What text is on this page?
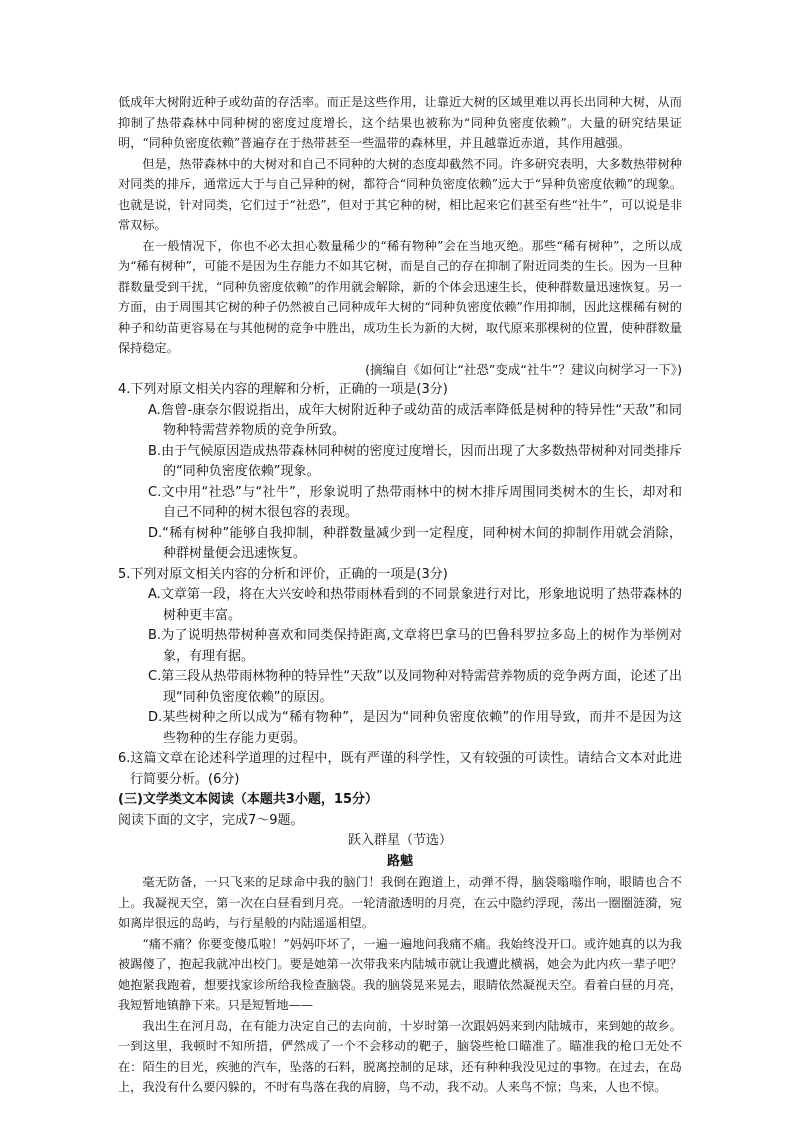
低成年大树附近种子或幼苗的存活率。而正是这些作用，让靠近大树的区域里难以再长出同种大树，从而抑制了热带森林中同种树的密度过度增长，这个结果也被称为“同种负密度依赖”。大量的研究结果证明，“同种负密度依赖”普遍存在于热带甚至一些温带的森林里，并且越靠近赤道，其作用越强。

但是，热带森林中的大树对和自己不同种的大树的态度却截然不同。许多研究表明，大多数热带树种对同类的排斥，通常远大于与自己异种的树，都符合“同种负密度依赖”远大于“异种负密度依赖”的现象。也就是说，针对同类，它们过于“社恐”，但对于其它种的树，相比起来它们甚至有些“社牛”，可以说是非常双标。

在一般情况下，你也不必太担心数量稀少的“稀有物种”会在当地灭绝。那些“稀有树种”，之所以成为“稀有树种”，可能不是因为生存能力不如其它树，而是自己的存在抑制了附近同类的生长。因为一旦种群数量受到干扰，“同种负密度依赖”的作用就会解除，新的个体会迅速生长，使种群数量迅速恢复。另一方面，由于周围其它树的种子仍然被自己同种成年大树的“同种负密度依赖”作用抑制，因此这棵稀有树的种子和幼苗更容易在与其他树的竞争中胜出，成功生长为新的大树，取代原来那棵树的位置，使种群数量保持稳定。

(摘编自《如何让“社恐”变成“社牛”？建议向树学习一下》)

4.下列对原文相关内容的理解和分析，正确的一项是(3分)

A.詹曾-康奈尔假说指出，成年大树附近种子或幼苗的成活率降低是树种的特异性“天敌”和同物种特需营养物质的竞争所致。

B.由于气候原因造成热带森林同种树的密度过度增长，因而出现了大多数热带树种对同类排斥的“同种负密度依赖”现象。

C.文中用“社恐”与“社牛”，形象说明了热带雨林中的树木排斥周围同类树木的生长，却对和自己不同种的树木很包容的表现。

D.“稀有树种”能够自我抑制，种群数量减少到一定程度，同种树木间的抑制作用就会消除，种群树量便会迅速恢复。

5.下列对原文相关内容的分析和评价，正确的一项是(3分)

A.文章第一段，将在大兴安岭和热带雨林看到的不同景象进行对比，形象地说明了热带森林的树种更丰富。

B.为了说明热带树种喜欢和同类保持距离,文章将巴拿马的巴鲁科罗拉多岛上的树作为举例对象，有理有据。

C.第三段从热带雨林物种的特异性“天敌”以及同物种对特需营养物质的竞争两方面，论述了出现“同种负密度依赖”的原因。

D.某些树种之所以成为“稀有物种”，是因为“同种负密度依赖”的作用导致，而并不是因为这些物种的生存能力更弱。

6.这篇文章在论述科学道理的过程中，既有严谨的科学性，又有较强的可读性。请结合文本对此进行简要分析。(6分)

(三)文学类文本阅读（本题共3小题，15分）

阅读下面的文字，完成7～9题。

跃入群星（节选）

路魆

毫无防备，一只飞来的足球命中我的脑门！我倒在跑道上，动弹不得，脑袋嗡嗡作响，眼睛也合不上。我凝视天空，第一次在白昼看到月亮。一轮清澈透明的月亮，在云中隐约浮现，荡出一圈圈涟漪，宛如离岸很远的岛屿，与行星般的内陆遥遥相望。

“痛不痛？你要变傻瓜啦！”妈妈吓坏了，一遍一遍地问我痛不痛。我始终没开口。或许她真的以为我被踢傻了，抱起我就冲出校门。要是她第一次带我来内陆城市就让我遭此横祸，她会为此内疚一辈子吧？她抱紧我跑着，想要找家诊所给我检查脑袋。我的脑袋晃来晃去，眼睛依然凝视天空。看着白昼的月亮，我短暂地镇静下来。只是短暂地——

我出生在河月岛，在有能力决定自己的去向前，十岁时第一次跟妈妈来到内陆城市，来到她的故乡。一到这里，我顿时不知所措，俨然成了一个不会移动的靶子，脑袋些枪口瞄准了。瞄准我的枪口无处不在：陌生的目光，疾驰的汽车，坠落的石料，脱离控制的足球，还有种种我没见过的事物。在过去，在岛上，我没有什么要闪躲的，不时有鸟落在我的肩膀，鸟不动，我不动。人来鸟不惊；鸟来，人也不惊。
